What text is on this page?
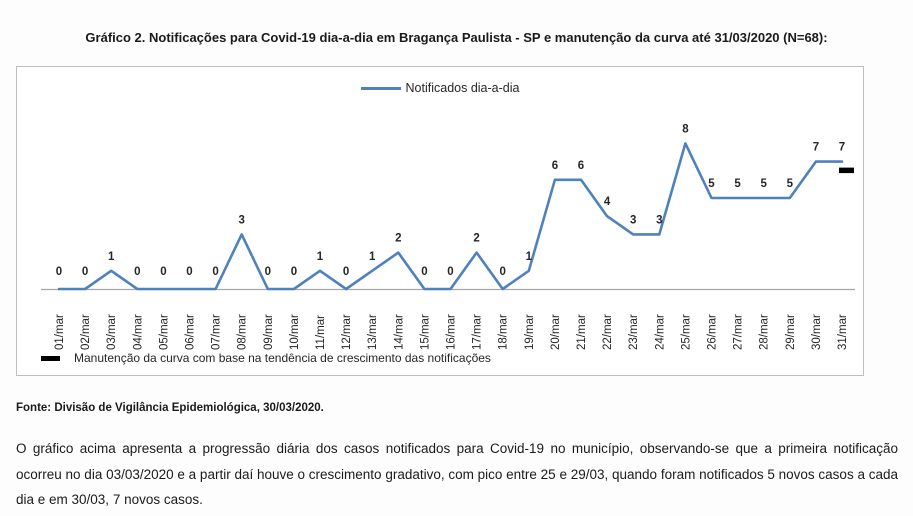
Gráfico 2. Notificações para Covid-19 dia-a-dia em Bragança Paulista - SP e manutenção da curva até 31/03/2020 (N=68):
0 0
1
0 0 0 0
3
0 0
1
0
1
2
0 0
2
0
1
6 6
4
3 3
8
5 5 5 5
7 7
01/mar 02/mar 03/mar 04/mar 05/mar 06/mar 07/mar 08/mar 09/mar 10/mar 11/mar 12/mar 13/mar 14/mar 15/mar 16/mar 17/mar 18/mar 19/mar 20/mar 21/mar 22/mar 23/mar 24/mar 25/mar 26/mar 27/mar 28/mar 29/mar 30/mar 31/mar
Notificados dia-a-dia
Manutenção da curva com base na tendência de crescimento das notificações
Fonte: Divisão de Vigilância Epidemiológica, 30/03/2020.

O gráfico acima apresenta a progressão diária dos casos notificados para Covid-19 no município, observando-se que a primeira notificação ocorreu no dia 03/03/2020 e a partir daí houve o crescimento gradativo, com pico entre 25 e 29/03, quando foram notificados 5 novos casos a cada dia e em 30/03, 7 novos casos.
